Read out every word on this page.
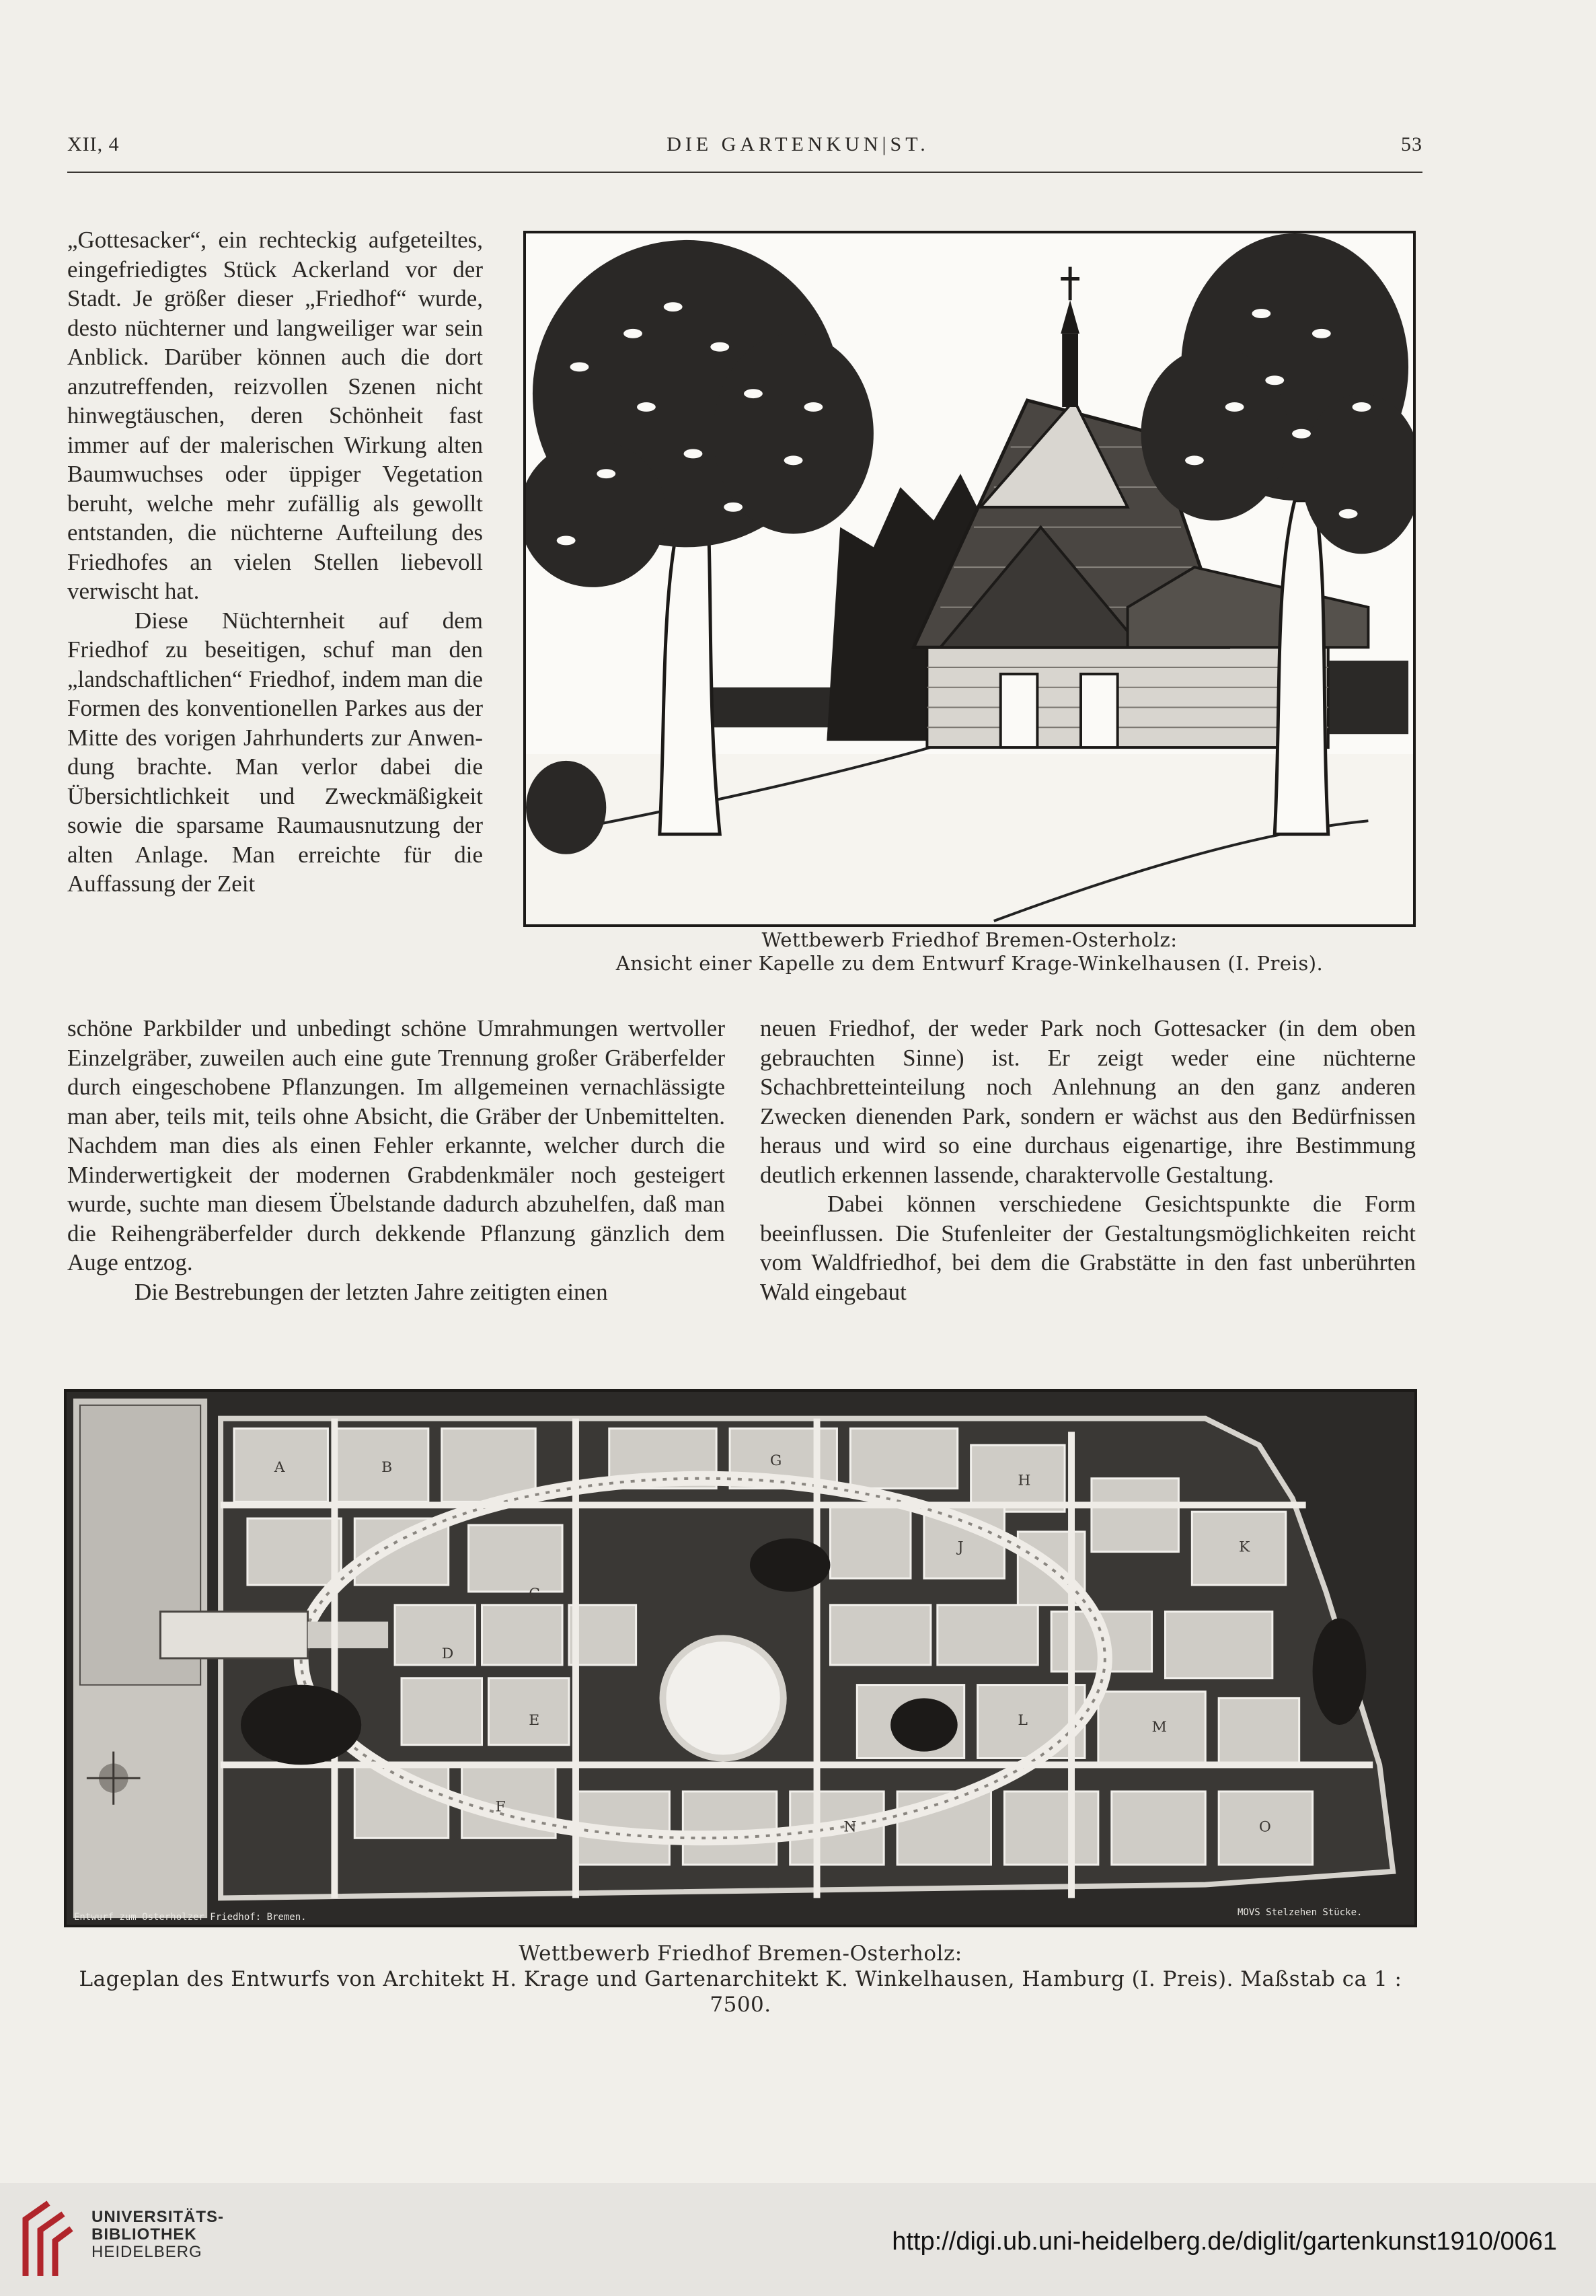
XII, 4	DIE GARTENKUN|ST.	53

„Gottesacker“, ein rechteckig aufgeteiltes, eingefriedigtes Stück Ackerland vor der Stadt. Je größer dieser „Friedhof“ wurde, desto nüchterner und langweiliger war sein Anblick. Darüber können auch die dort anzutreffenden, reizvollen Szenen nicht hinwegtäuschen, deren Schönheit fast immer auf der malerischen Wirkung alten Baumwuchses oder üppiger Vegetation beruht, welche mehr zufällig als gewollt entstanden, die nüchterne Aufteilung des Friedhofes an vielen Stellen liebevoll verwischt hat.

Diese Nüchternheit auf dem Friedhof zu beseitigen, schuf man den „landschaftlichen“ Friedhof, indem man die Formen des konventionellen Parkes aus der Mitte des vorigen Jahrhunderts zur Anwendung brachte. Man verlor dabei die Übersichtlichkeit und Zweckmäßigkeit sowie die sparsame Raumausnutzung der alten Anlage. Man erreichte für die Auffassung der Zeit

Wettbewerb Friedhof Bremen-Osterholz:
Ansicht einer Kapelle zu dem Entwurf Krage-Winkelhausen (I. Preis).

schöne Parkbilder und unbedingt schöne Umrahmungen wertvoller Einzelgräber, zuweilen auch eine gute Trennung großer Gräberfelder durch eingeschobene Pflanzungen. Im allgemeinen vernachlässigte man aber, teils mit, teils ohne Absicht, die Gräber der Unbemittelten. Nachdem man dies als einen Fehler erkannte, welcher durch die Minderwertigkeit der modernen Grabdenkmäler noch gesteigert wurde, suchte man diesem Übelstande dadurch abzuhelfen, daß man die Reihengräberfelder durch dekkende Pflanzung gänzlich dem Auge entzog.

Die Bestrebungen der letzten Jahre zeitigten einen

neuen Friedhof, der weder Park noch Gottesacker (in dem oben gebrauchten Sinne) ist. Er zeigt weder eine nüchterne Schachbretteinteilung noch Anlehnung an den ganz anderen Zwecken dienenden Park, sondern er wächst aus den Bedürfnissen heraus und wird so eine durchaus eigenartige, ihre Bestimmung deutlich erkennen lassende, charaktervolle Gestaltung.

Dabei können verschiedene Gesichtspunkte die Form beeinflussen. Die Stufenleiter der Gestaltungsmöglichkeiten reicht vom Waldfriedhof, bei dem die Grabstätte in den fast unberührten Wald eingebaut

A	B
C
D
E
F
G
H
J	K
L	M
N	O
Entwurf zum Osterholzer Friedhof: Bremen.	MOVS Stelzehen Stücke.
Wettbewerb Friedhof Bremen-Osterholz:
Lageplan des Entwurfs von Architekt H. Krage und Gartenarchitekt K. Winkelhausen, Hamburg (I. Preis). Maßstab ca 1 : 7500.
UNIVERSITÄTS-
BIBLIOTHEK
HEIDELBERG	http://digi.ub.uni-heidelberg.de/diglit/gartenkunst1910/0061
